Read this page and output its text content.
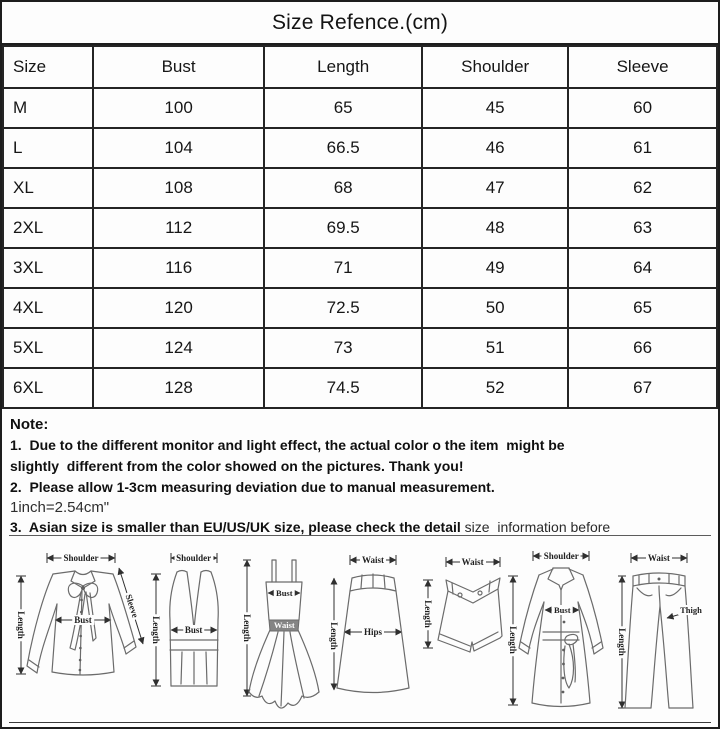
Size Refence.(cm)
Size	Bust	Length	Shoulder	Sleeve
M	100	65	45	60
L	104	66.5	46	61
XL	108	68	47	62
2XL	112	69.5	48	63
3XL	116	71	49	64
4XL	120	72.5	50	65
5XL	124	73	51	66
6XL	128	74.5	52	67
Note:
1.  Due to the different monitor and light effect, the actual color o the item  might be
slightly  different from the color showed on the pictures. Thank you!
2.  Please allow 1-3cm measuring deviation due to manual measurement.
1inch=2.54cm"
3.  Asian size is smaller than EU/US/UK size, please check the detail size  information before
Shoulder
Length	Bust
Sleeve
Shoulder
Length	Bust
Bust
Waist
Length
Waist
Hips
Length
Waist
Length
Shoulder
Bust
Length
Waist
Thigh
Length
